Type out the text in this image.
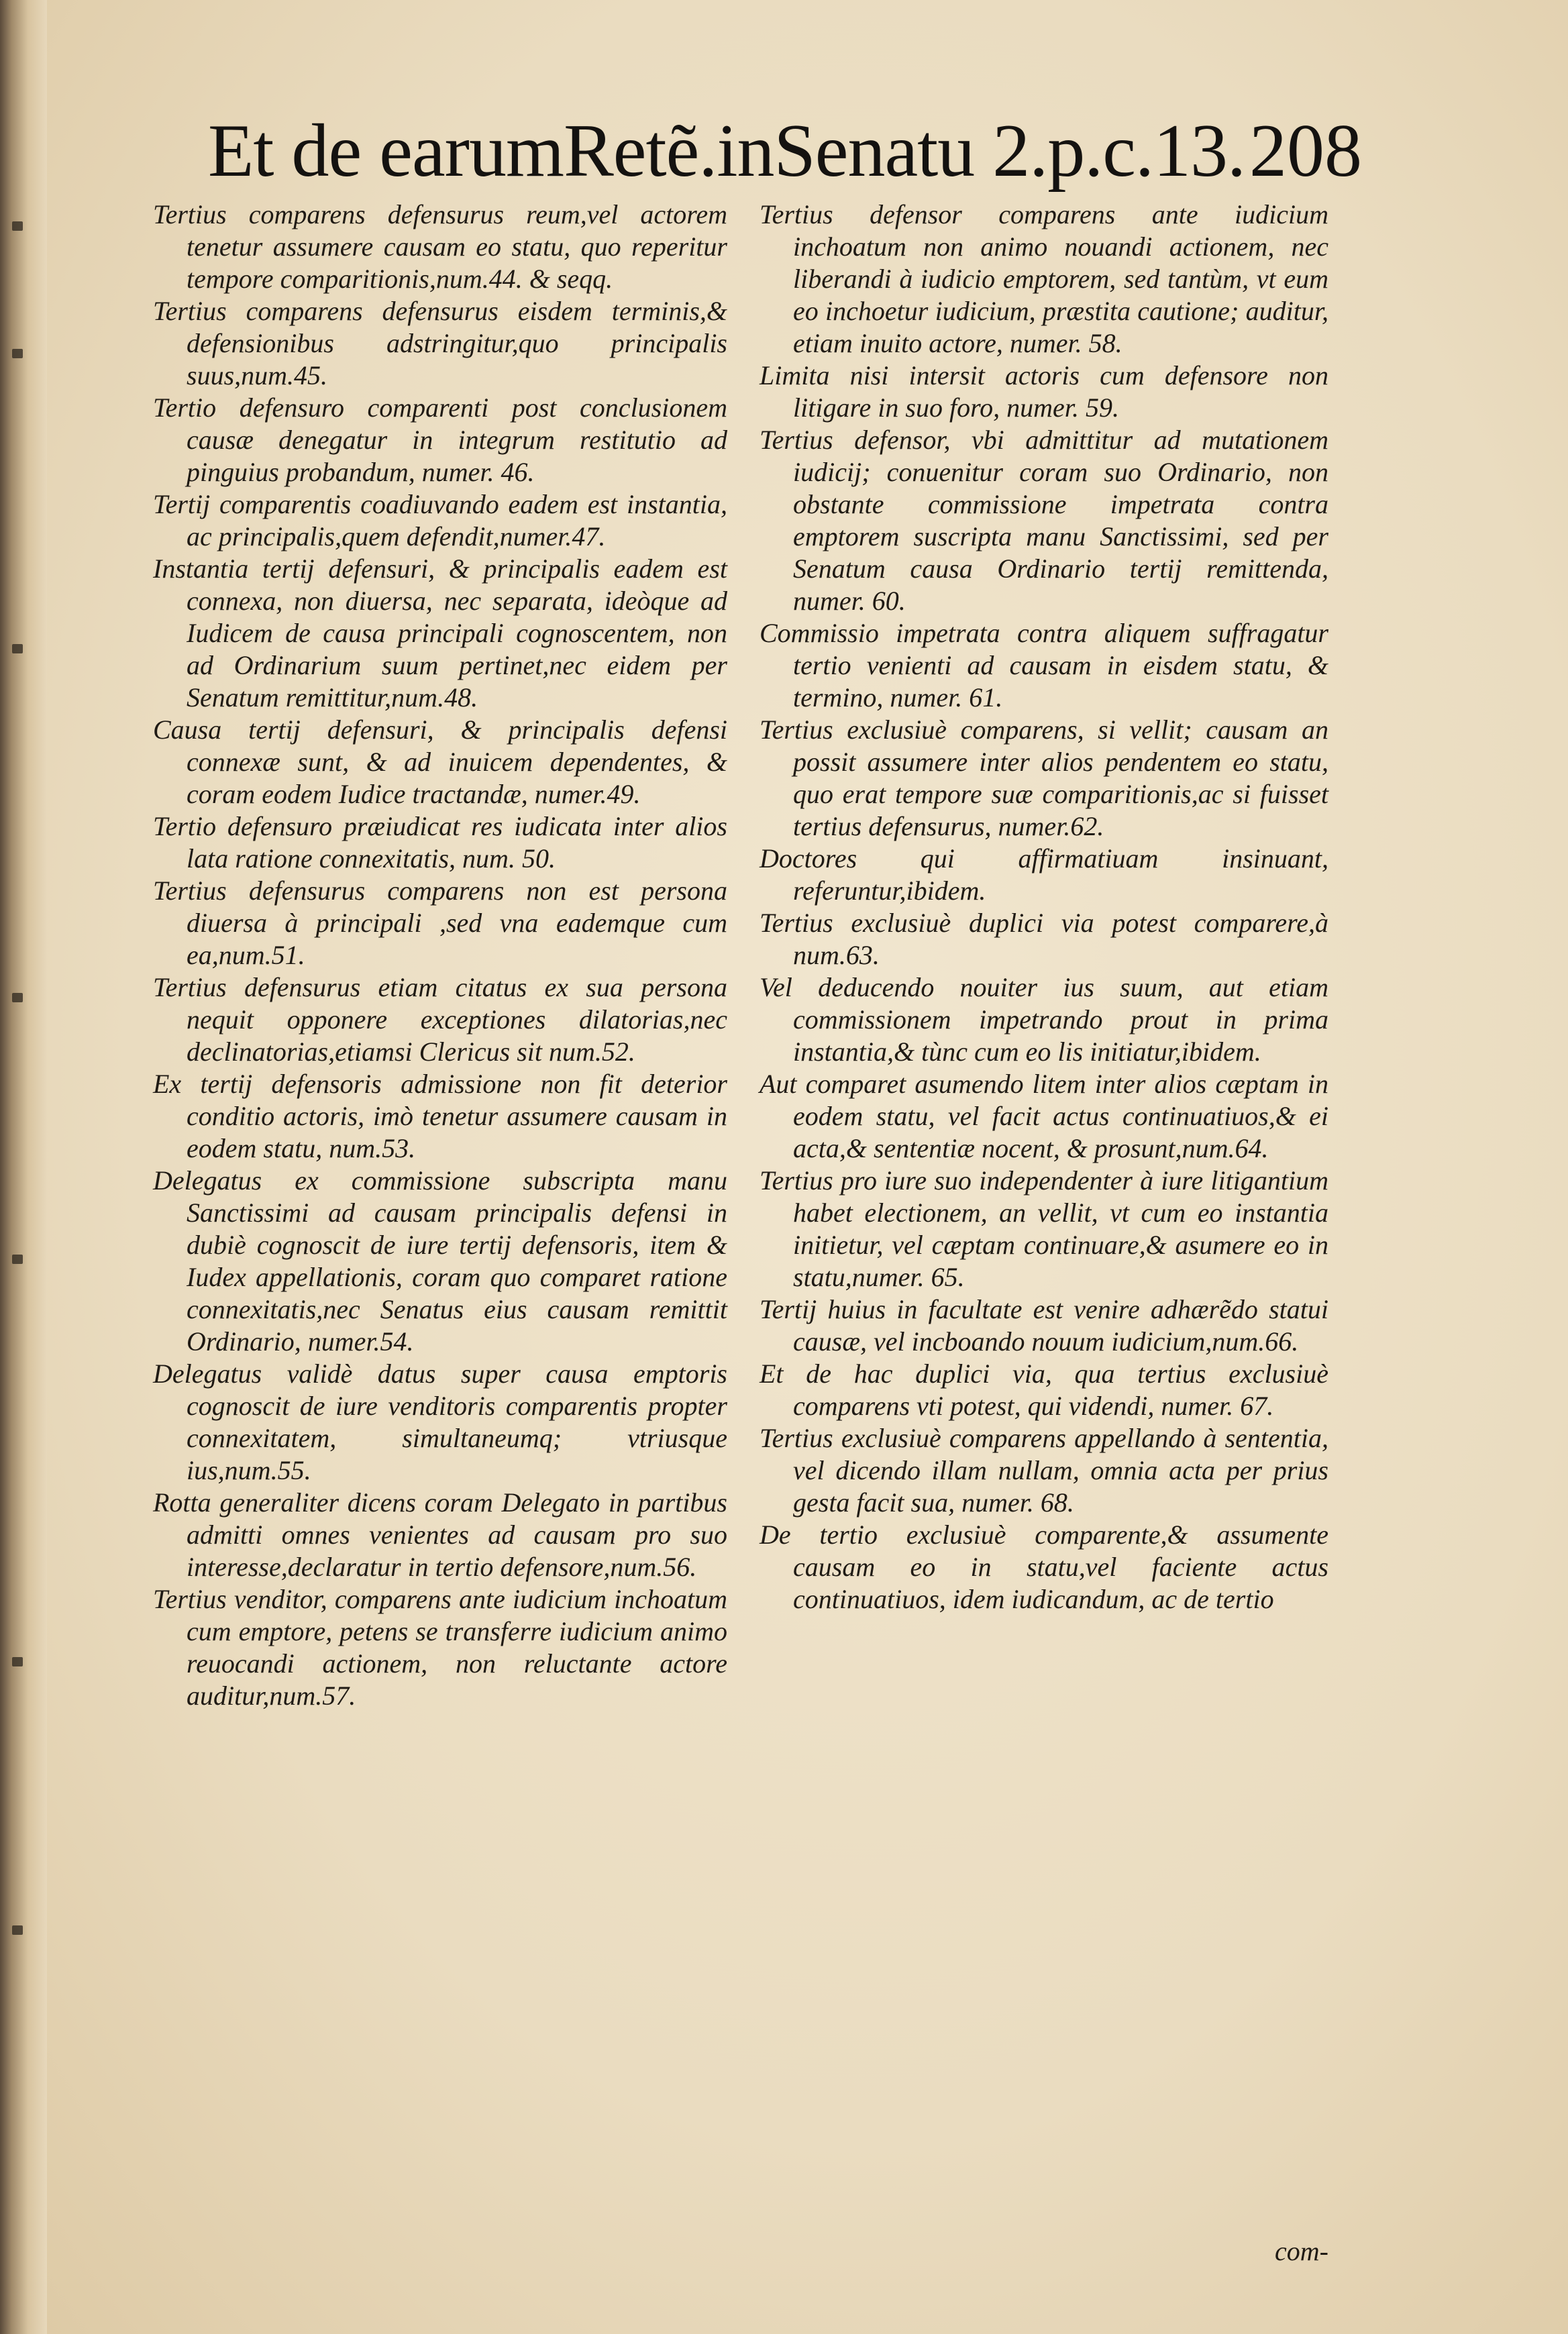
Et de earumRetẽ.inSenatu 2.p.c.13. 208

Tertius comparens defensurus reum,vel actorem tenetur assumere causam eo statu, quo reperitur tempore comparitionis,num.44. & seqq.

Tertius comparens defensurus eisdem terminis,& defensionibus adstringitur,quo principalis suus,num.45.

Tertio defensuro comparenti post conclusionem causæ denegatur in integrum restitutio ad pinguius probandum, numer. 46.

Tertij comparentis coadiuvando eadem est instantia, ac principalis,quem defendit,numer.47.

Instantia tertij defensuri, & principalis eadem est connexa, non diuersa, nec separata, ideòque ad Iudicem de causa principali cognoscentem, non ad Ordinarium suum pertinet,nec eidem per Senatum remittitur,num.48.

Causa tertij defensuri, & principalis defensi connexæ sunt, & ad inuicem dependentes, & coram eodem Iudice tractandæ, numer.49.

Tertio defensuro præiudicat res iudicata inter alios lata ratione connexitatis, num. 50.

Tertius defensurus comparens non est persona diuersa à principali ,sed vna eademque cum ea,num.51.

Tertius defensurus etiam citatus ex sua persona nequit opponere exceptiones dilatorias,nec declinatorias,etiamsi Clericus sit num.52.

Ex tertij defensoris admissione non fit deterior conditio actoris, imò tenetur assumere causam in eodem statu, num.53.

Delegatus ex commissione subscripta manu Sanctissimi ad causam principalis defensi in dubiè cognoscit de iure tertij defensoris, item & Iudex appellationis, coram quo comparet ratione connexitatis,nec Senatus eius causam remittit Ordinario, numer.54.

Delegatus validè datus super causa emptoris cognoscit de iure venditoris comparentis propter connexitatem, simultaneumq; vtriusque ius,num.55.

Rotta generaliter dicens coram Delegato in partibus admitti omnes venientes ad causam pro suo interesse,declaratur in tertio defensore,num.56.

Tertius venditor, comparens ante iudicium inchoatum cum emptore, petens se transferre iudicium animo reuocandi actionem, non reluctante actore auditur,num.57.

Tertius defensor comparens ante iudicium inchoatum non animo nouandi actionem, nec liberandi à iudicio emptorem, sed tantùm, vt eum eo inchoetur iudicium, præstita cautione; auditur, etiam inuito actore, numer. 58.

Limita nisi intersit actoris cum defensore non litigare in suo foro, numer. 59.

Tertius defensor, vbi admittitur ad mutationem iudicij; conuenitur coram suo Ordinario, non obstante commissione impetrata contra emptorem suscripta manu Sanctissimi, sed per Senatum causa Ordinario tertij remittenda, numer. 60.

Commissio impetrata contra aliquem suffragatur tertio venienti ad causam in eisdem statu, & termino, numer. 61.

Tertius exclusiuè comparens, si vellit; causam an possit assumere inter alios pendentem eo statu, quo erat tempore suæ comparitionis,ac si fuisset tertius defensurus, numer.62.

Doctores qui affirmatiuam insinuant, referuntur,ibidem.

Tertius exclusiuè duplici via potest comparere,à num.63.

Vel deducendo nouiter ius suum, aut etiam commissionem impetrando prout in prima instantia,& tùnc cum eo lis initiatur,ibidem.

Aut comparet asumendo litem inter alios cæptam in eodem statu, vel facit actus continuatiuos,& ei acta,& sententiæ nocent, & prosunt,num.64.

Tertius pro iure suo independenter à iure litigantium habet electionem, an vellit, vt cum eo instantia initietur, vel cæptam continuare,& asumere eo in statu,numer. 65.

Tertij huius in facultate est venire adhærẽdo statui causæ, vel incboando nouum iudicium,num.66.

Et de hac duplici via, qua tertius exclusiuè comparens vti potest, qui videndi, numer. 67.

Tertius exclusiuè comparens appellando à sententia, vel dicendo illam nullam, omnia acta per prius gesta facit sua, numer. 68.

De tertio exclusiuè comparente,& assumente causam eo in statu,vel faciente actus continuatiuos, idem iudicandum, ac de tertio

com-
